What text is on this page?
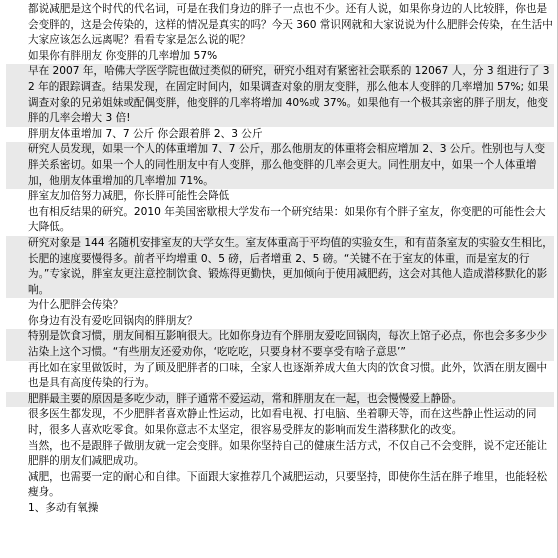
都说减肥是这个时代的代名词，可是在我们身边的胖子一点也不少。还有人说，如果你身边的人比较胖，你也是会变胖的，这是会传染的，这样的情况是真实的吗？今天 360 常识网就和大家说说为什么肥胖会传染，在生活中大家应该怎么远离呢？看看专家是怎么说的呢？

如果你有胖朋友 你变胖的几率增加 57%

早在 2007 年，哈佛大学医学院也做过类似的研究，研究小组对有紧密社会联系的 12067 人，分 3 组进行了 32 年的跟踪调查。结果发现，在固定时间内，如果调查对象的朋友变胖，那么他本人变胖的几率增加 57%; 如果调查对象的兄弟姐妹或配偶变胖，他变胖的几率将增加 40%或 37%。如果他有一个极其亲密的胖子朋友，他变胖的几率会增大 3 倍!

胖朋友体重增加 7、7 公斤 你会跟着胖 2、3 公斤

研究人员发现，如果一个人的体重增加 7、7 公斤，那么他朋友的体重将会相应增加 2、3 公斤。性别也与人变胖关系密切。如果一个人的同性朋友中有人变胖，那么他变胖的几率会更大。同性朋友中，如果一个人体重增加，他朋友体重增加的几率增加 71%。

胖室友加倍努力减肥，你长胖可能性会降低

也有相反结果的研究。2010 年美国密歇根大学发布一个研究结果：如果你有个胖子室友，你变肥的可能性会大大降低。

研究对象是 144 名随机安排室友的大学女生。室友体重高于平均值的实验女生，和有苗条室友的实验女生相比，长肥的速度要慢得多。前者平均增重 0、5 磅，后者增重 2、5 磅。“关键不在于室友的体重，而是室友的行为。”专家说，胖室友更注意控制饮食、锻炼得更勤快，更加倾向于使用减肥药，这会对其他人造成潜移默化的影响。

为什么肥胖会传染？

你身边有没有爱吃回锅肉的胖朋友？

特别是饮食习惯，朋友间相互影响很大。比如你身边有个胖朋友爱吃回锅肉，每次上馆子必点，你也会多多少少沾染上这个习惯。“有些朋友还爱劝你，‘吃吃吃，只要身材不要享受有啥子意思’”

再比如在家里做饭时，为了顾及肥胖者的口味，全家人也逐渐养成大鱼大肉的饮食习惯。此外，饮酒在朋友圈中也是具有高度传染的行为。

肥胖最主要的原因是多吃少动，胖子通常不爱运动，常和胖朋友在一起，也会慢慢爱上静卧。

很多医生都发现，不少肥胖者喜欢静止性运动，比如看电视、打电脑、坐着聊天等，而在这些静止性运动的同时，很多人喜欢吃零食。如果你意志不太坚定，很容易受胖友的影响而发生潜移默化的改变。

当然，也不是跟胖子做朋友就一定会变胖。如果你坚持自己的健康生活方式，不仅自己不会变胖，说不定还能让肥胖的朋友们减肥成功。

减肥，也需要一定的耐心和自律。下面跟大家推荐几个减肥运动，只要坚持，即使你生活在胖子堆里，也能轻松瘦身。

1、多动有氧操
